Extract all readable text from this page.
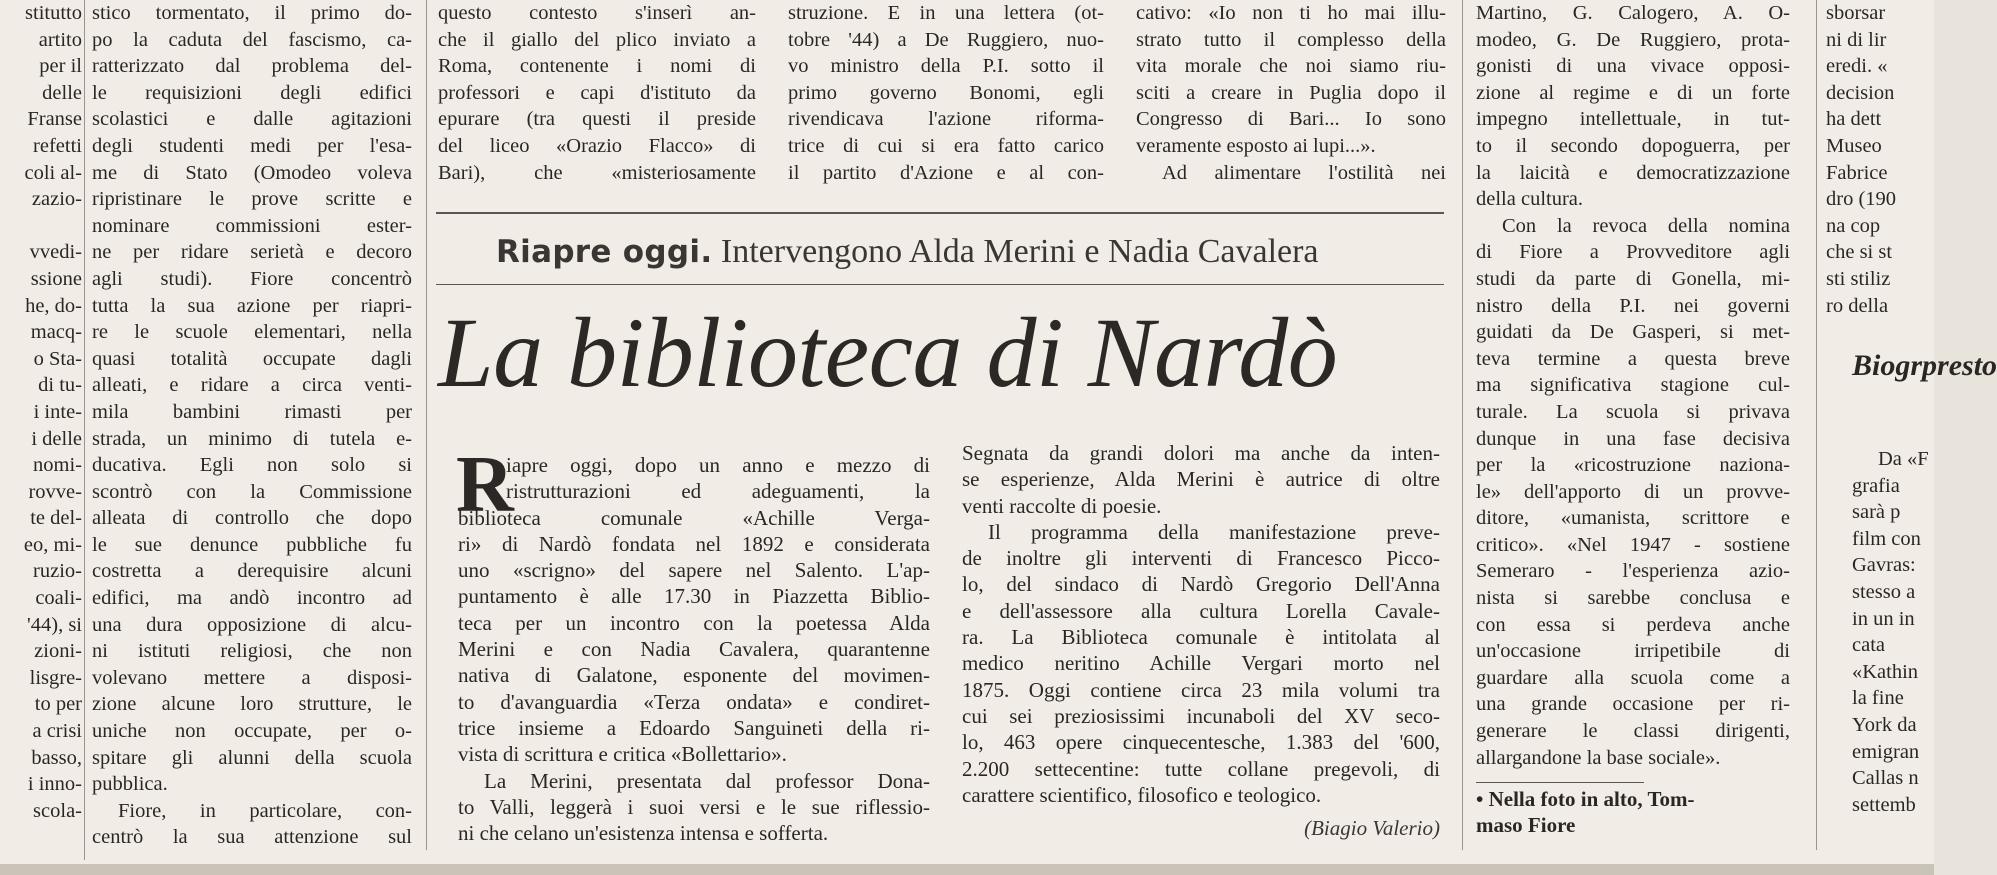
stitutto
artito
per il
delle
Franse
refetti
coli al-
zazio-

vvedi-
ssione
he, do-
macq-
o Sta-
di tu-
i inte-
i delle
nomi-
rovve-
te del-
eo, mi-
ruzio-
coali-
'44), si
zioni-
lisgre-
to per
a crisi
basso,
i inno-
scola-
stico tormentato, il primo do-
po la caduta del fascismo, ca-
ratterizzato dal problema del-
le requisizioni degli edifici
scolastici e dalle agitazioni
degli studenti medi per l'esa-
me di Stato (Omodeo voleva
ripristinare le prove scritte e
nominare commissioni ester-
ne per ridare serietà e decoro
agli studi). Fiore concentrò
tutta la sua azione per riapri-
re le scuole elementari, nella
quasi totalità occupate dagli
alleati, e ridare a circa venti-
mila bambini rimasti per
strada, un minimo di tutela e-
ducativa. Egli non solo si
scontrò con la Commissione
alleata di controllo che dopo
le sue denunce pubbliche fu
costretta a derequisire alcuni
edifici, ma andò incontro ad
una dura opposizione di alcu-
ni istituti religiosi, che non
volevano mettere a disposi-
zione alcune loro strutture, le
uniche non occupate, per o-
spitare gli alunni della scuola
pubblica.
Fiore, in particolare, con-
centrò la sua attenzione sul
questo contesto s'inserì an-
che il giallo del plico inviato a
Roma, contenente i nomi di
professori e capi d'istituto da
epurare (tra questi il preside
del liceo «Orazio Flacco» di
Bari), che «misteriosamente
struzione. E in una lettera (ot-
tobre '44) a De Ruggiero, nuo-
vo ministro della P.I. sotto il
primo governo Bonomi, egli
rivendicava l'azione riforma-
trice di cui si era fatto carico
il partito d'Azione e al con-
cativo: «Io non ti ho mai illu-
strato tutto il complesso della
vita morale che noi siamo riu-
sciti a creare in Puglia dopo il
Congresso di Bari... Io sono
veramente esposto ai lupi...».
Ad alimentare l'ostilità nei
Martino, G. Calogero, A. O-
modeo, G. De Ruggiero, prota-
gonisti di una vivace opposi-
zione al regime e di un forte
impegno intellettuale, in tut-
to il secondo dopoguerra, per
la laicità e democratizzazione
della cultura.
Con la revoca della nomina
di Fiore a Provveditore agli
studi da parte di Gonella, mi-
nistro della P.I. nei governi
guidati da De Gasperi, si met-
teva termine a questa breve
ma significativa stagione cul-
turale. La scuola si privava
dunque in una fase decisiva
per la «ricostruzione naziona-
le» dell'apporto di un provve-
ditore, «umanista, scrittore e
critico». «Nel 1947 - sostiene
Semeraro - l'esperienza azio-
nista si sarebbe conclusa e
con essa si perdeva anche
un'occasione irripetibile di
guardare alla scuola come a
una grande occasione per ri-
generare le classi dirigenti,
allargandone la base sociale».
sborsar
ni di lir
eredi. «
decision
ha dett
Museo
Fabrice
dro (190
na cop
che si st
sti stiliz
ro della
Biogrpresto
Da «F
grafia
sarà p
film con
Gavras:
stesso a
in un in
cata
«Kathin
la fine
York da
emigran
Callas n
settemb
Riapre oggi. Intervengono Alda Merini e Nadia Cavalera
La biblioteca di Nardò
R
iapre oggi, dopo un anno e mezzo di
ristrutturazioni ed adeguamenti, la
biblioteca comunale «Achille Verga-
ri» di Nardò fondata nel 1892 e considerata
uno «scrigno» del sapere nel Salento. L'ap-
puntamento è alle 17.30 in Piazzetta Biblio-
teca per un incontro con la poetessa Alda
Merini e con Nadia Cavalera, quarantenne
nativa di Galatone, esponente del movimen-
to d'avanguardia «Terza ondata» e condiret-
trice insieme a Edoardo Sanguineti della ri-
vista di scrittura e critica «Bollettario».
La Merini, presentata dal professor Dona-
to Valli, leggerà i suoi versi e le sue riflessio-
ni che celano un'esistenza intensa e sofferta.
Segnata da grandi dolori ma anche da inten-
se esperienze, Alda Merini è autrice di oltre
venti raccolte di poesie.
Il programma della manifestazione preve-
de inoltre gli interventi di Francesco Picco-
lo, del sindaco di Nardò Gregorio Dell'Anna
e dell'assessore alla cultura Lorella Cavale-
ra. La Biblioteca comunale è intitolata al
medico neritino Achille Vergari morto nel
1875. Oggi contiene circa 23 mila volumi tra
cui sei preziosissimi incunaboli del XV seco-
lo, 463 opere cinquecentesche, 1.383 del '600,
2.200 settecentine: tutte collane pregevoli, di
carattere scientifico, filosofico e teologico.
(Biagio Valerio)
• Nella foto in alto, Tom-
maso Fiore
